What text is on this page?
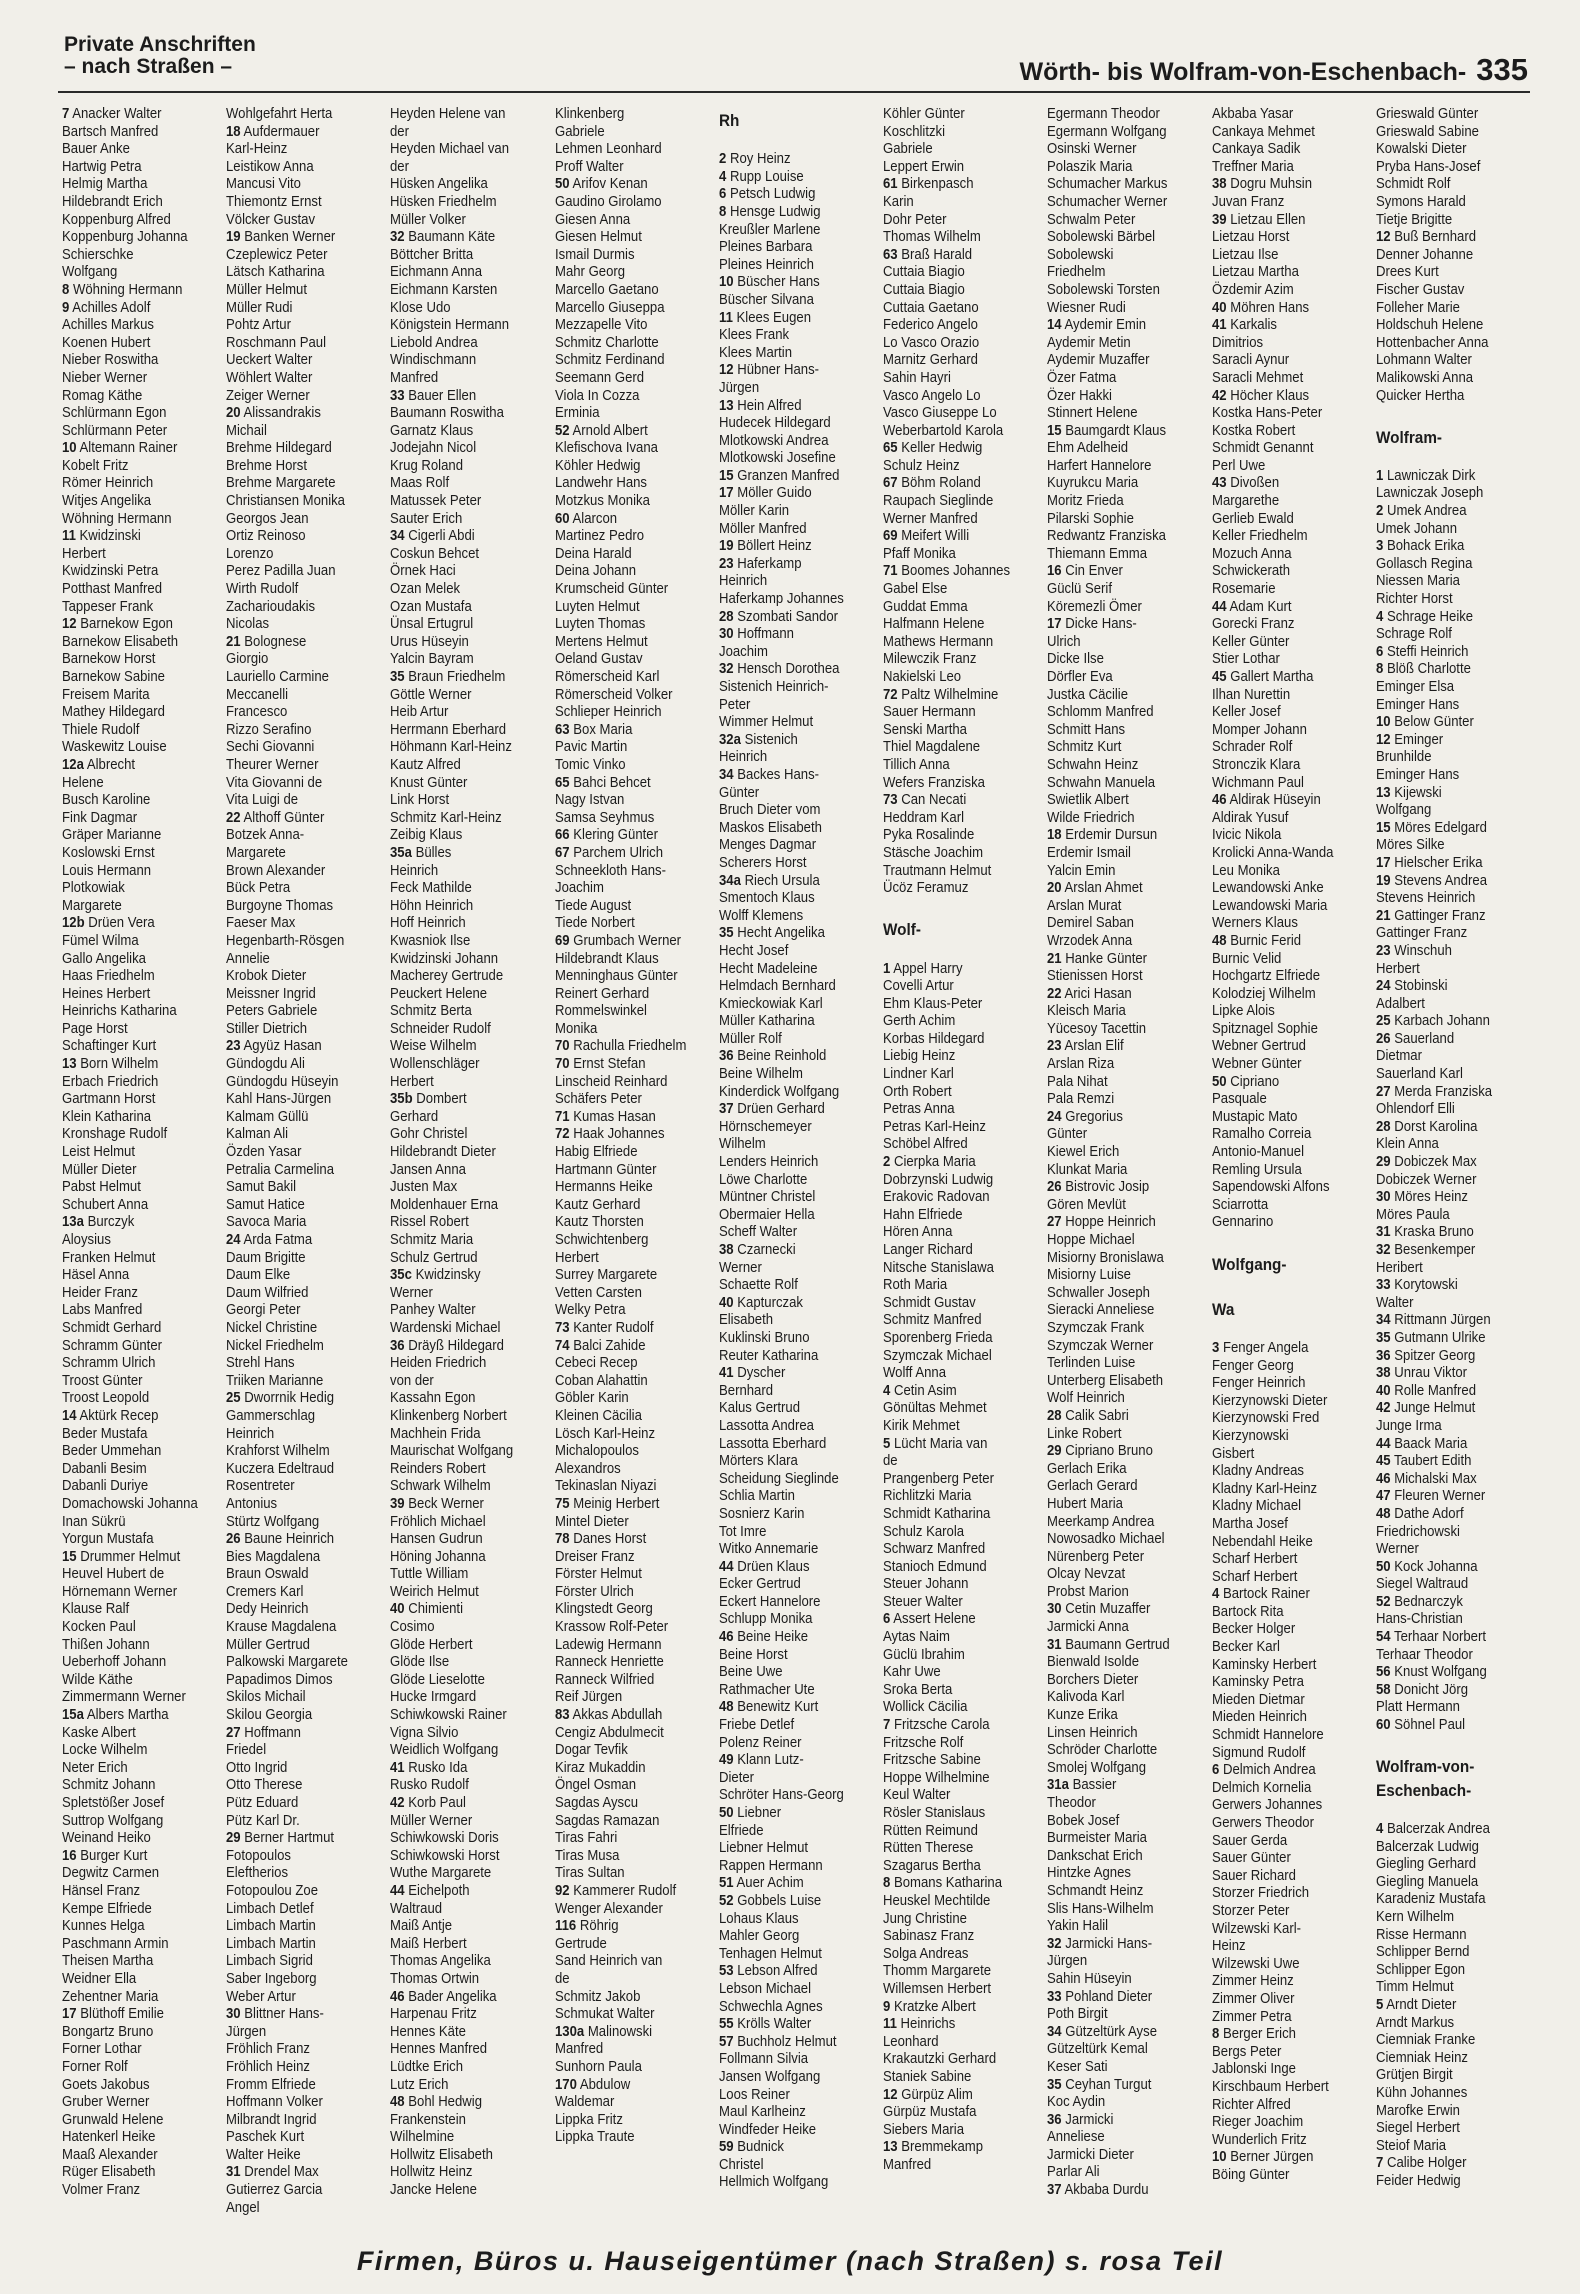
Private Anschriften
– nach Straßen –	Wörth- bis Wolfram-von-Eschenbach- 335
7 Anacker Walter
Bartsch Manfred
Bauer Anke
Hartwig Petra
Helmig Martha
Hildebrandt Erich
Koppenburg Alfred
Koppenburg Johanna
Schierschke
Wolfgang
8 Wöhning Hermann
9 Achilles Adolf
Achilles Markus
Koenen Hubert
Nieber Roswitha
Nieber Werner
Romag Käthe
Schlürmann Egon
Schlürmann Peter
10 Altemann Rainer
Kobelt Fritz
Römer Heinrich
Witjes Angelika
Wöhning Hermann
11 Kwidzinski
Herbert
Kwidzinski Petra
Potthast Manfred
Tappeser Frank
12 Barnekow Egon
Barnekow Elisabeth
Barnekow Horst
Barnekow Sabine
Freisem Marita
Mathey Hildegard
Thiele Rudolf
Waskewitz Louise
12a Albrecht
Helene
Busch Karoline
Fink Dagmar
Gräper Marianne
Koslowski Ernst
Louis Hermann
Plotkowiak
Margarete
12b Drüen Vera
Fümel Wilma
Gallo Angelika
Haas Friedhelm
Heines Herbert
Heinrichs Katharina
Page Horst
Schaftinger Kurt
13 Born Wilhelm
Erbach Friedrich
Gartmann Horst
Klein Katharina
Kronshage Rudolf
Leist Helmut
Müller Dieter
Pabst Helmut
Schubert Anna
13a Burczyk
Aloysius
Franken Helmut
Häsel Anna
Heider Franz
Labs Manfred
Schmidt Gerhard
Schramm Günter
Schramm Ulrich
Troost Günter
Troost Leopold
14 Aktürk Recep
Beder Mustafa
Beder Ummehan
Dabanli Besim
Dabanli Duriye
Domachowski Johanna
Inan Sükrü
Yorgun Mustafa
15 Drummer Helmut
Heuvel Hubert de
Hörnemann Werner
Klause Ralf
Kocken Paul
Thißen Johann
Ueberhoff Johann
Wilde Käthe
Zimmermann Werner
15a Albers Martha
Kaske Albert
Locke Wilhelm
Neter Erich
Schmitz Johann
Spletstößer Josef
Suttrop Wolfgang
Weinand Heiko
16 Burger Kurt
Degwitz Carmen
Hänsel Franz
Kempe Elfriede
Kunnes Helga
Paschmann Armin
Theisen Martha
Weidner Ella
Zehentner Maria
17 Blüthoff Emilie
Bongartz Bruno
Forner Lothar
Forner Rolf
Goets Jakobus
Gruber Werner
Grunwald Helene
Hatenkerl Heike
Maaß Alexander
Rüger Elisabeth
Volmer Franz
Wohlgefahrt Herta
18 Aufdermauer
Karl-Heinz
Leistikow Anna
Mancusi Vito
Thiemontz Ernst
Völcker Gustav
19 Banken Werner
Czeplewicz Peter
Lätsch Katharina
Müller Helmut
Müller Rudi
Pohtz Artur
Roschmann Paul
Ueckert Walter
Wöhlert Walter
Zeiger Werner
20 Alissandrakis
Michail
Brehme Hildegard
Brehme Horst
Brehme Margarete
Christiansen Monika
Georgos Jean
Ortiz Reinoso
Lorenzo
Perez Padilla Juan
Wirth Rudolf
Zacharioudakis
Nicolas
21 Bolognese
Giorgio
Lauriello Carmine
Meccanelli
Francesco
Rizzo Serafino
Sechi Giovanni
Theurer Werner
Vita Giovanni de
Vita Luigi de
22 Althoff Günter
Botzek Anna-
Margarete
Brown Alexander
Bück Petra
Burgoyne Thomas
Faeser Max
Hegenbarth-Rösgen
Annelie
Krobok Dieter
Meissner Ingrid
Peters Gabriele
Stiller Dietrich
23 Agyüz Hasan
Gündogdu Ali
Gündogdu Hüseyin
Kahl Hans-Jürgen
Kalmam Güllü
Kalman Ali
Özden Yasar
Petralia Carmelina
Samut Bakil
Samut Hatice
Savoca Maria
24 Arda Fatma
Daum Brigitte
Daum Elke
Daum Wilfried
Georgi Peter
Nickel Christine
Nickel Friedhelm
Strehl Hans
Triiken Marianne
25 Dworrnik Hedig
Gammerschlag
Heinrich
Krahforst Wilhelm
Kuczera Edeltraud
Rosentreter
Antonius
Stürtz Wolfgang
26 Baune Heinrich
Bies Magdalena
Braun Oswald
Cremers Karl
Dedy Heinrich
Krause Magdalena
Müller Gertrud
Palkowski Margarete
Papadimos Dimos
Skilos Michail
Skilou Georgia
27 Hoffmann
Friedel
Otto Ingrid
Otto Therese
Pütz Eduard
Pütz Karl Dr.
29 Berner Hartmut
Fotopoulos
Eleftherios
Fotopoulou Zoe
Limbach Detlef
Limbach Martin
Limbach Martin
Limbach Sigrid
Saber Ingeborg
Weber Artur
30 Blittner Hans-
Jürgen
Fröhlich Franz
Fröhlich Heinz
Fromm Elfriede
Hoffmann Volker
Milbrandt Ingrid
Paschek Kurt
Walter Heike
31 Drendel Max
Gutierrez Garcia
Angel
Heyden Helene van
der
Heyden Michael van
der
Hüsken Angelika
Hüsken Friedhelm
Müller Volker
32 Baumann Käte
Böttcher Britta
Eichmann Anna
Eichmann Karsten
Klose Udo
Königstein Hermann
Liebold Andrea
Windischmann
Manfred
33 Bauer Ellen
Baumann Roswitha
Garnatz Klaus
Jodejahn Nicol
Krug Roland
Maas Rolf
Matussek Peter
Sauter Erich
34 Cigerli Abdi
Coskun Behcet
Örnek Haci
Ozan Melek
Ozan Mustafa
Ünsal Ertugrul
Urus Hüseyin
Yalcin Bayram
35 Braun Friedhelm
Göttle Werner
Heib Artur
Herrmann Eberhard
Höhmann Karl-Heinz
Kautz Alfred
Knust Günter
Link Horst
Schmitz Karl-Heinz
Zeibig Klaus
35a Bülles
Heinrich
Feck Mathilde
Höhn Heinrich
Hoff Heinrich
Kwasniok Ilse
Kwidzinski Johann
Macherey Gertrude
Peuckert Helene
Schmitz Berta
Schneider Rudolf
Weise Wilhelm
Wollenschläger
Herbert
35b Dombert
Gerhard
Gohr Christel
Hildebrandt Dieter
Jansen Anna
Justen Max
Moldenhauer Erna
Rissel Robert
Schmitz Maria
Schulz Gertrud
35c Kwidzinsky
Werner
Panhey Walter
Wardenski Michael
36 Dräyß Hildegard
Heiden Friedrich
von der
Kassahn Egon
Klinkenberg Norbert
Machhein Frida
Maurischat Wolfgang
Reinders Robert
Schwark Wilhelm
39 Beck Werner
Fröhlich Michael
Hansen Gudrun
Höning Johanna
Tuttle William
Weirich Helmut
40 Chimienti
Cosimo
Glöde Herbert
Glöde Ilse
Glöde Lieselotte
Hucke Irmgard
Schiwkowski Rainer
Vigna Silvio
Weidlich Wolfgang
41 Rusko Ida
Rusko Rudolf
42 Korb Paul
Müller Werner
Schiwkowski Doris
Schiwkowski Horst
Wuthe Margarete
44 Eichelpoth
Waltraud
Maiß Antje
Maiß Herbert
Thomas Angelika
Thomas Ortwin
46 Bader Angelika
Harpenau Fritz
Hennes Käte
Hennes Manfred
Lüdtke Erich
Lutz Erich
48 Bohl Hedwig
Frankenstein
Wilhelmine
Hollwitz Elisabeth
Hollwitz Heinz
Jancke Helene
Klinkenberg
Gabriele
Lehmen Leonhard
Proff Walter
50 Arifov Kenan
Gaudino Girolamo
Giesen Anna
Giesen Helmut
Ismail Durmis
Mahr Georg
Marcello Gaetano
Marcello Giuseppa
Mezzapelle Vito
Schmitz Charlotte
Schmitz Ferdinand
Seemann Gerd
Viola In Cozza
Erminia
52 Arnold Albert
Klefischova Ivana
Köhler Hedwig
Landwehr Hans
Motzkus Monika
60 Alarcon
Martinez Pedro
Deina Harald
Deina Johann
Krumscheid Günter
Luyten Helmut
Luyten Thomas
Mertens Helmut
Oeland Gustav
Römerscheid Karl
Römerscheid Volker
Schlieper Heinrich
63 Box Maria
Pavic Martin
Tomic Vinko
65 Bahci Behcet
Nagy Istvan
Samsa Seyhmus
66 Klering Günter
67 Parchem Ulrich
Schneekloth Hans-
Joachim
Tiede August
Tiede Norbert
69 Grumbach Werner
Hildebrandt Klaus
Menninghaus Günter
Reinert Gerhard
Rommelswinkel
Monika
70 Rachulla Friedhelm
70 Ernst Stefan
Linscheid Reinhard
Schäfers Peter
71 Kumas Hasan
72 Haak Johannes
Habig Elfriede
Hartmann Günter
Hermanns Heike
Kautz Gerhard
Kautz Thorsten
Schwichtenberg
Herbert
Surrey Margarete
Vetten Carsten
Welky Petra
73 Kanter Rudolf
74 Balci Zahide
Cebeci Recep
Coban Alahattin
Göbler Karin
Kleinen Cäcilia
Lösch Karl-Heinz
Michalopoulos
Alexandros
Tekinaslan Niyazi
75 Meinig Herbert
Mintel Dieter
78 Danes Horst
Dreiser Franz
Förster Helmut
Förster Ulrich
Klingstedt Georg
Krassow Rolf-Peter
Ladewig Hermann
Ranneck Henriette
Ranneck Wilfried
Reif Jürgen
83 Akkas Abdullah
Cengiz Abdulmecit
Dogar Tevfik
Kiraz Mukaddin
Öngel Osman
Sagdas Ayscu
Sagdas Ramazan
Tiras Fahri
Tiras Musa
Tiras Sultan
92 Kammerer Rudolf
Wenger Alexander
116 Röhrig
Gertrude
Sand Heinrich van
de
Schmitz Jakob
Schmukat Walter
130a Malinowski
Manfred
Sunhorn Paula
170 Abdulow
Waldemar
Lippka Fritz
Lippka Traute
Rh

2 Roy Heinz
4 Rupp Louise
6 Petsch Ludwig
8 Hensge Ludwig
Kreußler Marlene
Pleines Barbara
Pleines Heinrich
10 Büscher Hans
Büscher Silvana
11 Klees Eugen
Klees Frank
Klees Martin
12 Hübner Hans-
Jürgen
13 Hein Alfred
Hudecek Hildegard
Mlotkowski Andrea
Mlotkowski Josefine
15 Granzen Manfred
17 Möller Guido
Möller Karin
Möller Manfred
19 Böllert Heinz
23 Haferkamp
Heinrich
Haferkamp Johannes
28 Szombati Sandor
30 Hoffmann
Joachim
32 Hensch Dorothea
Sistenich Heinrich-
Peter
Wimmer Helmut
32a Sistenich
Heinrich
34 Backes Hans-
Günter
Bruch Dieter vom
Maskos Elisabeth
Menges Dagmar
Scherers Horst
34a Riech Ursula
Smentoch Klaus
Wolff Klemens
35 Hecht Angelika
Hecht Josef
Hecht Madeleine
Helmdach Bernhard
Kmieckowiak Karl
Müller Katharina
Müller Rolf
36 Beine Reinhold
Beine Wilhelm
Kinderdick Wolfgang
37 Drüen Gerhard
Hörnschemeyer
Wilhelm
Lenders Heinrich
Löwe Charlotte
Müntner Christel
Obermaier Hella
Scheff Walter
38 Czarnecki
Werner
Schaette Rolf
40 Kapturczak
Elisabeth
Kuklinski Bruno
Reuter Katharina
41 Dyscher
Bernhard
Kalus Gertrud
Lassotta Andrea
Lassotta Eberhard
Mörters Klara
Scheidung Sieglinde
Schlia Martin
Sosnierz Karin
Tot Imre
Witko Annemarie
44 Drüen Klaus
Ecker Gertrud
Eckert Hannelore
Schlupp Monika
46 Beine Heike
Beine Horst
Beine Uwe
Rathmacher Ute
48 Benewitz Kurt
Friebe Detlef
Polenz Reiner
49 Klann Lutz-
Dieter
Schröter Hans-Georg
50 Liebner
Elfriede
Liebner Helmut
Rappen Hermann
51 Auer Achim
52 Gobbels Luise
Lohaus Klaus
Mahler Georg
Tenhagen Helmut
53 Lebson Alfred
Lebson Michael
Schwechla Agnes
55 Krölls Walter
57 Buchholz Helmut
Follmann Silvia
Jansen Wolfgang
Loos Reiner
Maul Karlheinz
Windfeder Heike
59 Budnick
Christel
Hellmich Wolfgang
Köhler Günter
Koschlitzki
Gabriele
Leppert Erwin
61 Birkenpasch
Karin
Dohr Peter
Thomas Wilhelm
63 Braß Harald
Cuttaia Biagio
Cuttaia Biagio
Cuttaia Gaetano
Federico Angelo
Lo Vasco Orazio
Marnitz Gerhard
Sahin Hayri
Vasco Angelo Lo
Vasco Giuseppe Lo
Weberbartold Karola
65 Keller Hedwig
Schulz Heinz
67 Böhm Roland
Raupach Sieglinde
Werner Manfred
69 Meifert Willi
Pfaff Monika
71 Boomes Johannes
Gabel Else
Guddat Emma
Halfmann Helene
Mathews Hermann
Milewczik Franz
Nakielski Leo
72 Paltz Wilhelmine
Sauer Hermann
Senski Martha
Thiel Magdalene
Tillich Anna
Wefers Franziska
73 Can Necati
Heddram Karl
Pyka Rosalinde
Stäsche Joachim
Trautmann Helmut
Ücöz Feramuz

Wolf-

1 Appel Harry
Covelli Artur
Ehm Klaus-Peter
Gerth Achim
Korbas Hildegard
Liebig Heinz
Lindner Karl
Orth Robert
Petras Anna
Petras Karl-Heinz
Schöbel Alfred
2 Cierpka Maria
Dobrzynski Ludwig
Erakovic Radovan
Hahn Elfriede
Hören Anna
Langer Richard
Nitsche Stanislawa
Roth Maria
Schmidt Gustav
Schmitz Manfred
Sporenberg Frieda
Szymczak Michael
Wolff Anna
4 Cetin Asim
Gönültas Mehmet
Kirik Mehmet
5 Lücht Maria van
de
Prangenberg Peter
Richlitzki Maria
Schmidt Katharina
Schulz Karola
Schwarz Manfred
Stanioch Edmund
Steuer Johann
Steuer Walter
6 Assert Helene
Aytas Naim
Güclü Ibrahim
Kahr Uwe
Sroka Berta
Wollick Cäcilia
7 Fritzsche Carola
Fritzsche Rolf
Fritzsche Sabine
Hoppe Wilhelmine
Keul Walter
Rösler Stanislaus
Rütten Reimund
Rütten Therese
Szagarus Bertha
8 Bomans Katharina
Heuskel Mechtilde
Jung Christine
Sabinasz Franz
Solga Andreas
Thomm Margarete
Willemsen Herbert
9 Kratzke Albert
11 Heinrichs
Leonhard
Krakautzki Gerhard
Staniek Sabine
12 Gürpüz Alim
Gürpüz Mustafa
Siebers Maria
13 Bremmekamp
Manfred
Egermann Theodor
Egermann Wolfgang
Osinski Werner
Polaszik Maria
Schumacher Markus
Schumacher Werner
Schwalm Peter
Sobolewski Bärbel
Sobolewski
Friedhelm
Sobolewski Torsten
Wiesner Rudi
14 Aydemir Emin
Aydemir Metin
Aydemir Muzaffer
Özer Fatma
Özer Hakki
Stinnert Helene
15 Baumgardt Klaus
Ehm Adelheid
Harfert Hannelore
Kuyrukcu Maria
Moritz Frieda
Pilarski Sophie
Redwantz Franziska
Thiemann Emma
16 Cin Enver
Güclü Serif
Köremezli Ömer
17 Dicke Hans-
Ulrich
Dicke Ilse
Dörfler Eva
Justka Cäcilie
Schlomm Manfred
Schmitt Hans
Schmitz Kurt
Schwahn Heinz
Schwahn Manuela
Swietlik Albert
Wilde Friedrich
18 Erdemir Dursun
Erdemir Ismail
Yalcin Emin
20 Arslan Ahmet
Arslan Murat
Demirel Saban
Wrzodek Anna
21 Hanke Günter
Stienissen Horst
22 Arici Hasan
Kleisch Maria
Yücesoy Tacettin
23 Arslan Elif
Arslan Riza
Pala Nihat
Pala Remzi
24 Gregorius
Günter
Kiewel Erich
Klunkat Maria
26 Bistrovic Josip
Gören Mevlüt
27 Hoppe Heinrich
Hoppe Michael
Misiorny Bronislawa
Misiorny Luise
Schwaller Joseph
Sieracki Anneliese
Szymczak Frank
Szymczak Werner
Terlinden Luise
Unterberg Elisabeth
Wolf Heinrich
28 Calik Sabri
Linke Robert
29 Cipriano Bruno
Gerlach Erika
Gerlach Gerard
Hubert Maria
Meerkamp Andrea
Nowosadko Michael
Nürenberg Peter
Olcay Nevzat
Probst Marion
30 Cetin Muzaffer
Jarmicki Anna
31 Baumann Gertrud
Bienwald Isolde
Borchers Dieter
Kalivoda Karl
Kunze Erika
Linsen Heinrich
Schröder Charlotte
Smolej Wolfgang
31a Bassier
Theodor
Bobek Josef
Burmeister Maria
Dankschat Erich
Hintzke Agnes
Schmandt Heinz
Slis Hans-Wilhelm
Yakin Halil
32 Jarmicki Hans-
Jürgen
Sahin Hüseyin
33 Pohland Dieter
Poth Birgit
34 Gützeltürk Ayse
Gützeltürk Kemal
Keser Sati
35 Ceyhan Turgut
Koc Aydin
36 Jarmicki
Anneliese
Jarmicki Dieter
Parlar Ali
37 Akbaba Durdu
Akbaba Yasar
Cankaya Mehmet
Cankaya Sadik
Treffner Maria
38 Dogru Muhsin
Juvan Franz
39 Lietzau Ellen
Lietzau Horst
Lietzau Ilse
Lietzau Martha
Özdemir Azim
40 Möhren Hans
41 Karkalis
Dimitrios
Saracli Aynur
Saracli Mehmet
42 Höcher Klaus
Kostka Hans-Peter
Kostka Robert
Schmidt Genannt
Perl Uwe
43 Divoßen
Margarethe
Gerlieb Ewald
Keller Friedhelm
Mozuch Anna
Schwickerath
Rosemarie
44 Adam Kurt
Gorecki Franz
Keller Günter
Stier Lothar
45 Gallert Martha
Ilhan Nurettin
Keller Josef
Momper Johann
Schrader Rolf
Stronczik Klara
Wichmann Paul
46 Aldirak Hüseyin
Aldirak Yusuf
Ivicic Nikola
Krolicki Anna-Wanda
Leu Monika
Lewandowski Anke
Lewandowski Maria
Werners Klaus
48 Burnic Ferid
Burnic Velid
Hochgartz Elfriede
Kolodziej Wilhelm
Lipke Alois
Spitznagel Sophie
Webner Gertrud
Webner Günter
50 Cipriano
Pasquale
Mustapic Mato
Ramalho Correia
Antonio-Manuel
Remling Ursula
Sapendowski Alfons
Sciarrotta
Gennarino

Wolfgang-

Wa

3 Fenger Angela
Fenger Georg
Fenger Heinrich
Kierzynowski Dieter
Kierzynowski Fred
Kierzynowski
Gisbert
Kladny Andreas
Kladny Karl-Heinz
Kladny Michael
Martha Josef
Nebendahl Heike
Scharf Herbert
Scharf Herbert
4 Bartock Rainer
Bartock Rita
Becker Holger
Becker Karl
Kaminsky Herbert
Kaminsky Petra
Mieden Dietmar
Mieden Heinrich
Schmidt Hannelore
Sigmund Rudolf
6 Delmich Andrea
Delmich Kornelia
Gerwers Johannes
Gerwers Theodor
Sauer Gerda
Sauer Günter
Sauer Richard
Storzer Friedrich
Storzer Peter
Wilzewski Karl-
Heinz
Wilzewski Uwe
Zimmer Heinz
Zimmer Oliver
Zimmer Petra
8 Berger Erich
Bergs Peter
Jablonski Inge
Kirschbaum Herbert
Richter Alfred
Rieger Joachim
Wunderlich Fritz
10 Berner Jürgen
Böing Günter
Grieswald Günter
Grieswald Sabine
Kowalski Dieter
Pryba Hans-Josef
Schmidt Rolf
Symons Harald
Tietje Brigitte
12 Buß Bernhard
Denner Johanne
Drees Kurt
Fischer Gustav
Folleher Marie
Holdschuh Helene
Hottenbacher Anna
Lohmann Walter
Malikowski Anna
Quicker Hertha

Wolfram-

1 Lawniczak Dirk
Lawniczak Joseph
2 Umek Andrea
Umek Johann
3 Bohack Erika
Gollasch Regina
Niessen Maria
Richter Horst
4 Schrage Heike
Schrage Rolf
6 Steffi Heinrich
8 Blöß Charlotte
Eminger Elsa
Eminger Hans
10 Below Günter
12 Eminger
Brunhilde
Eminger Hans
13 Kijewski
Wolfgang
15 Möres Edelgard
Möres Silke
17 Hielscher Erika
19 Stevens Andrea
Stevens Heinrich
21 Gattinger Franz
Gattinger Franz
23 Winschuh
Herbert
24 Stobinski
Adalbert
25 Karbach Johann
26 Sauerland
Dietmar
Sauerland Karl
27 Merda Franziska
Ohlendorf Elli
28 Dorst Karolina
Klein Anna
29 Dobiczek Max
Dobiczek Werner
30 Möres Heinz
Möres Paula
31 Kraska Bruno
32 Besenkemper
Heribert
33 Korytowski
Walter
34 Rittmann Jürgen
35 Gutmann Ulrike
36 Spitzer Georg
38 Unrau Viktor
40 Rolle Manfred
42 Junge Helmut
Junge Irma
44 Baack Maria
45 Taubert Edith
46 Michalski Max
47 Fleuren Werner
48 Dathe Adorf
Friedrichowski
Werner
50 Kock Johanna
Siegel Waltraud
52 Bednarczyk
Hans-Christian
54 Terhaar Norbert
Terhaar Theodor
56 Knust Wolfgang
58 Donicht Jörg
Platt Hermann
60 Söhnel Paul

Wolfram-von-
Eschenbach-

4 Balcerzak Andrea
Balcerzak Ludwig
Giegling Gerhard
Giegling Manuela
Karadeniz Mustafa
Kern Wilhelm
Risse Hermann
Schlipper Bernd
Schlipper Egon
Timm Helmut
5 Arndt Dieter
Arndt Markus
Ciemniak Franke
Ciemniak Heinz
Grütjen Birgit
Kühn Johannes
Marofke Erwin
Siegel Herbert
Steiof Maria
7 Calibe Holger
Feider Hedwig
Firmen, Büros u. Hauseigentümer (nach Straßen) s. rosa Teil
